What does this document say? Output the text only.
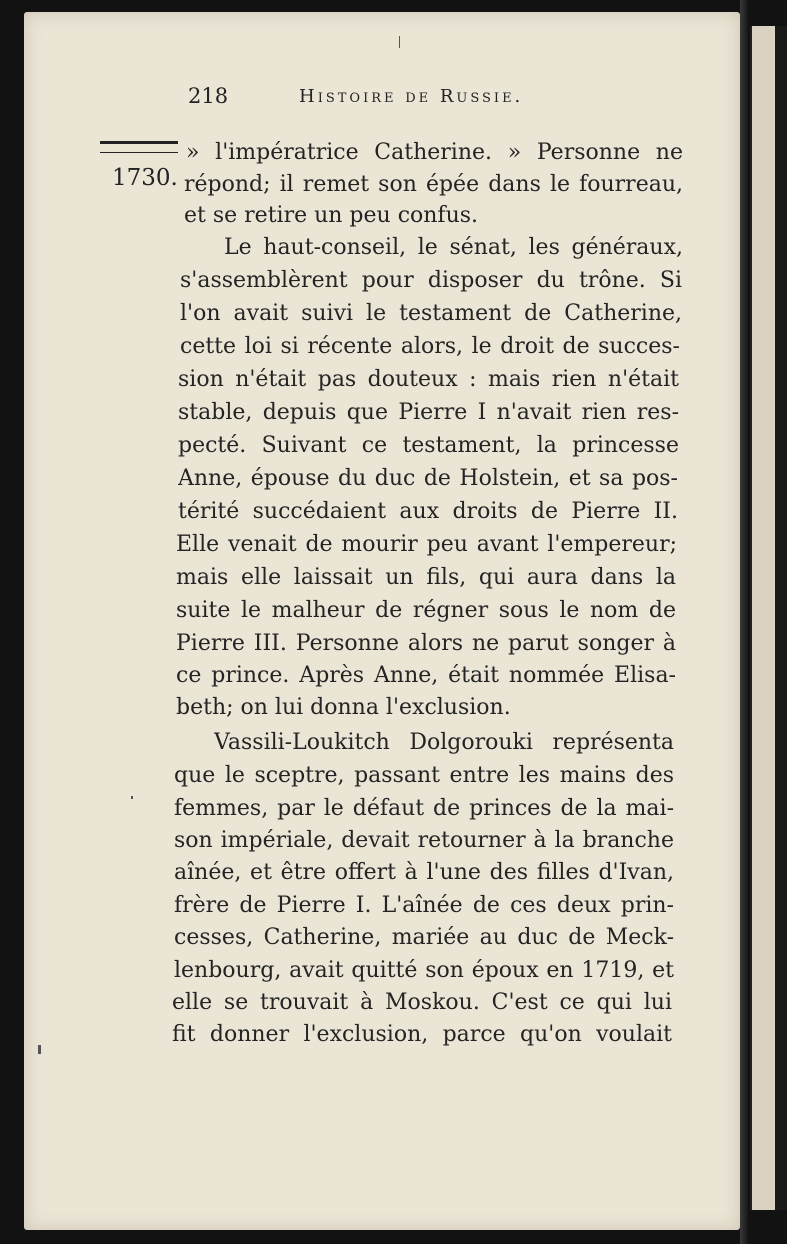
218	Histoire de Russie.
1730.

» l'impératrice Catherine. » Personne ne

répond; il remet son épée dans le fourreau,

et se retire un peu confus.

Le haut-conseil, le sénat, les généraux,

s'assemblèrent pour disposer du trône. Si

l'on avait suivi le testament de Catherine,

cette loi si récente alors, le droit de succes-

sion n'était pas douteux : mais rien n'était

stable, depuis que Pierre I n'avait rien res-

pecté. Suivant ce testament, la princesse

Anne, épouse du duc de Holstein, et sa pos-

térité succédaient aux droits de Pierre II.

Elle venait de mourir peu avant l'empereur;

mais elle laissait un fils, qui aura dans la

suite le malheur de régner sous le nom de

Pierre III. Personne alors ne parut songer à

ce prince. Après Anne, était nommée Elisa-

beth; on lui donna l'exclusion.

Vassili-Loukitch Dolgorouki représenta

que le sceptre, passant entre les mains des

femmes, par le défaut de princes de la mai-

son impériale, devait retourner à la branche

aînée, et être offert à l'une des filles d'Ivan,

frère de Pierre I. L'aînée de ces deux prin-

cesses, Catherine, mariée au duc de Meck-

lenbourg, avait quitté son époux en 1719, et

elle se trouvait à Moskou. C'est ce qui lui

fit donner l'exclusion, parce qu'on voulait
